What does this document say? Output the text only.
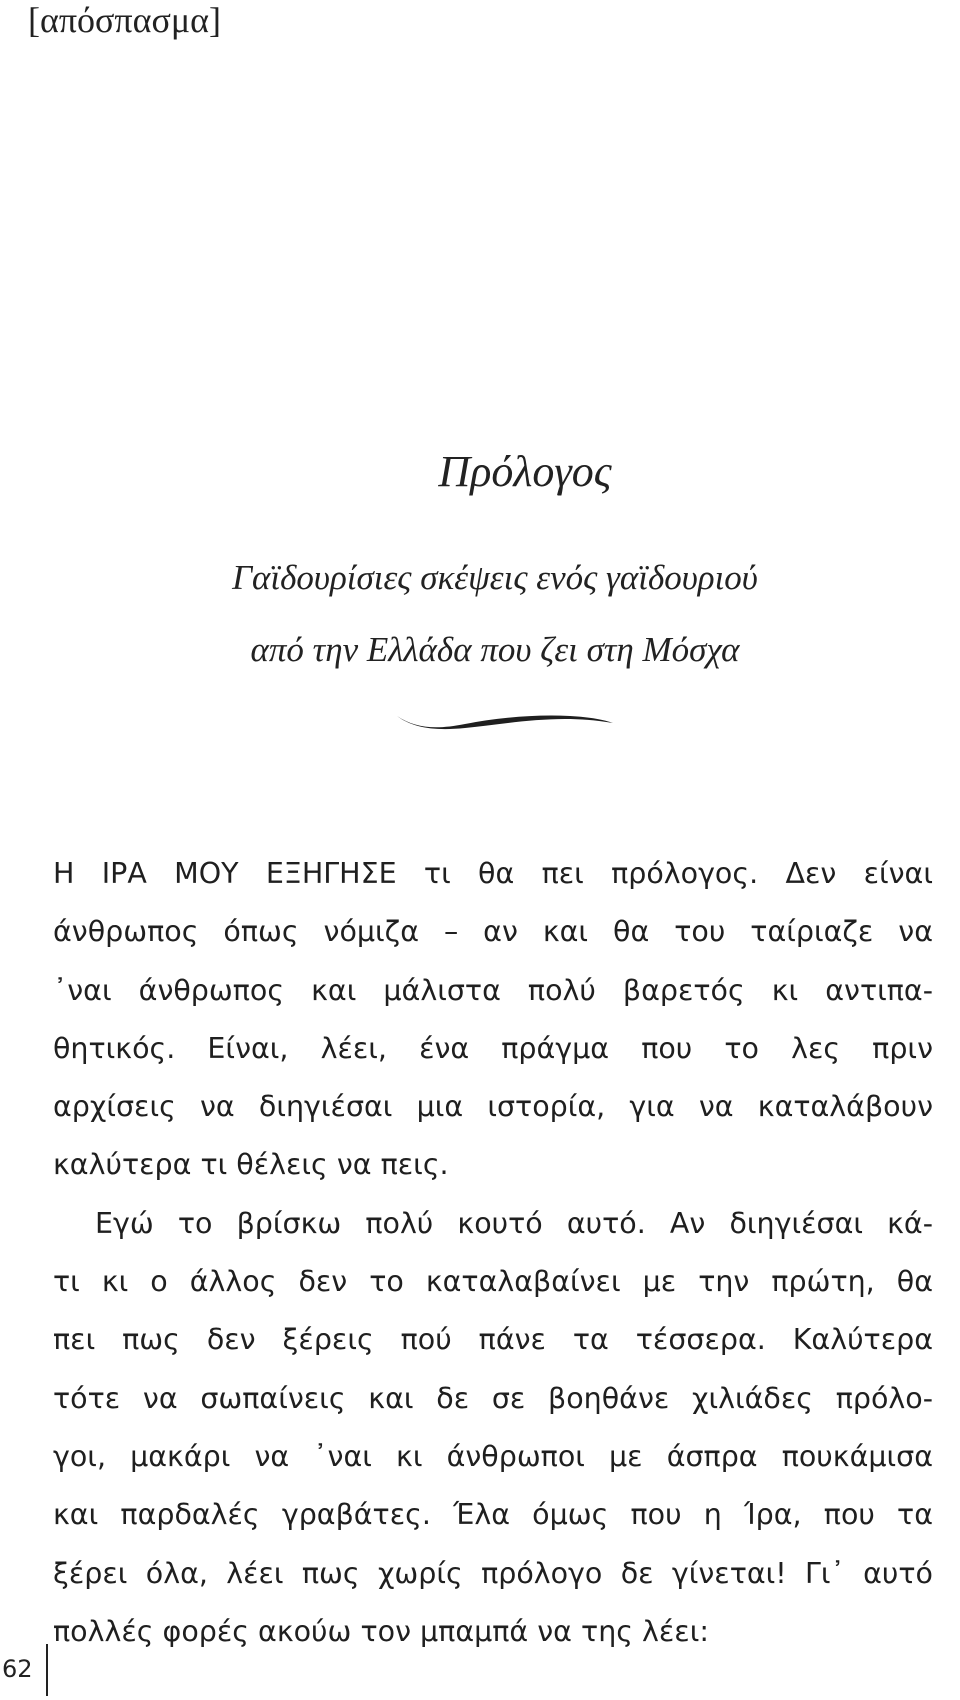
[απόσπασμα]
Πρόλογος
Γαϊδουρίσιες σκέψεις ενός γαϊδουριού
από την Ελλάδα που ζει στη Μόσχα
Η ΙΡΑ ΜΟΥ ΕΞΗΓΗΣΕ τι θα πει πρόλογος. Δεν είναι
άνθρωπος όπως νόμιζα – αν και θα του ταίριαζε να
᾿ναι άνθρωπος και μάλιστα πολύ βαρετός κι αντιπα-
θητικός. Είναι, λέει, ένα πράγμα που το λες πριν
αρχίσεις να διηγιέσαι μια ιστορία, για να καταλάβουν
καλύτερα τι θέλεις να πεις.
Εγώ το βρίσκω πολύ κουτό αυτό. Αν διηγιέσαι κά-
τι κι ο άλλος δεν το καταλαβαίνει με την πρώτη, θα
πει πως δεν ξέρεις πού πάνε τα τέσσερα. Καλύτερα
τότε να σωπαίνεις και δε σε βοηθάνε χιλιάδες πρόλο-
γοι, μακάρι να ᾿ναι κι άνθρωποι με άσπρα πουκάμισα
και παρδαλές γραβάτες. Έλα όμως που η Ίρα, που τα
ξέρει όλα, λέει πως χωρίς πρόλογο δε γίνεται! Γι᾿ αυτό
πολλές φορές ακούω τον μπαμπά να της λέει:
62
